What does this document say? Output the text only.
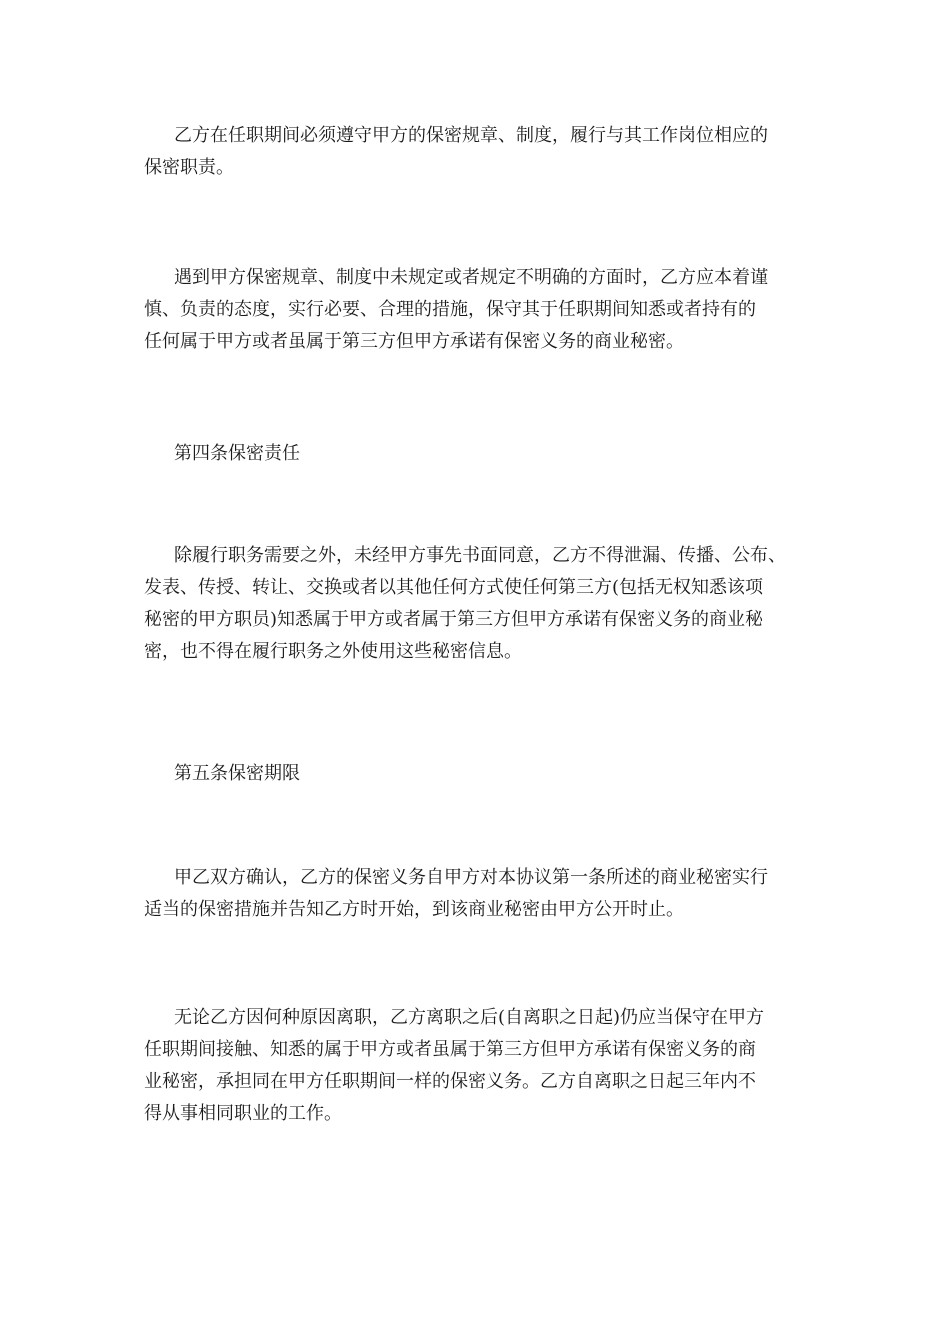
乙方在任职期间必须遵守甲方的保密规章、制度，履行与其工作岗位相应的
保密职责。

遇到甲方保密规章、制度中未规定或者规定不明确的方面时，乙方应本着谨
慎、负责的态度，实行必要、合理的措施，保守其于任职期间知悉或者持有的
任何属于甲方或者虽属于第三方但甲方承诺有保密义务的商业秘密。

第四条保密责任

除履行职务需要之外，未经甲方事先书面同意，乙方不得泄漏、传播、公布、
发表、传授、转让、交换或者以其他任何方式使任何第三方(包括无权知悉该项
秘密的甲方职员)知悉属于甲方或者属于第三方但甲方承诺有保密义务的商业秘
密，也不得在履行职务之外使用这些秘密信息。

第五条保密期限

甲乙双方确认，乙方的保密义务自甲方对本协议第一条所述的商业秘密实行
适当的保密措施并告知乙方时开始，到该商业秘密由甲方公开时止。

无论乙方因何种原因离职，乙方离职之后(自离职之日起)仍应当保守在甲方
任职期间接触、知悉的属于甲方或者虽属于第三方但甲方承诺有保密义务的商
业秘密，承担同在甲方任职期间一样的保密义务。乙方自离职之日起三年内不
得从事相同职业的工作。
